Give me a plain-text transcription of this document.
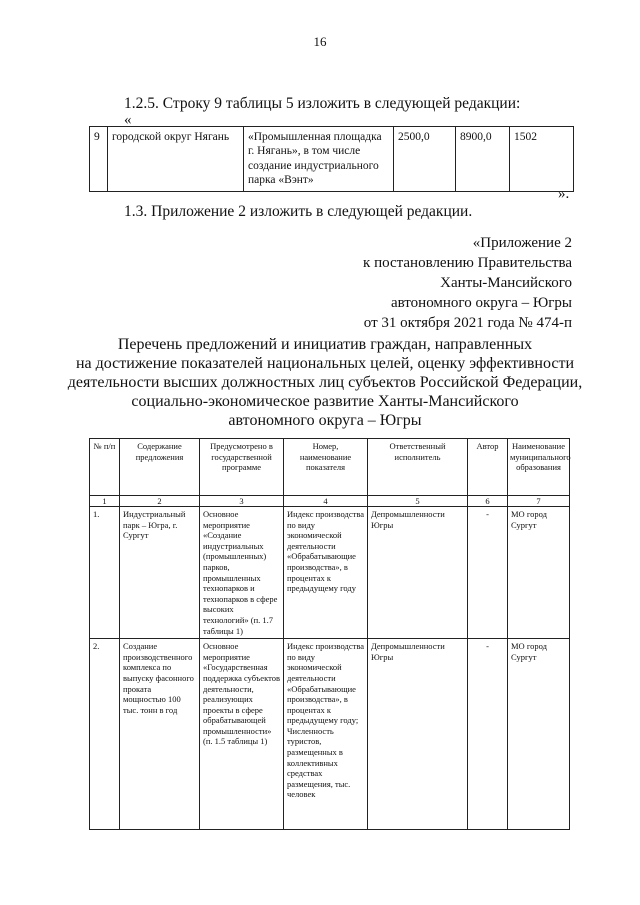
16
1.2.5. Строку 9 таблицы 5 изложить в следующей редакции:
«
9	городской округ Нягань	«Промышленная площадка г. Нягань», в том числе создание индустриального парка «Вэнт»	2500,0	8900,0	1502
».
1.3. Приложение 2 изложить в следующей редакции.
«Приложение 2
к постановлению Правительства
Ханты-Мансийского
автономного округа – Югры
от 31 октября 2021 года № 474-п
Перечень предложений и инициатив граждан, направленных
на достижение показателей национальных целей, оценку эффективности
деятельности высших должностных лиц субъектов Российской Федерации,
социально-экономическое развитие Ханты-Мансийского
автономного округа – Югры
№ п/п	Содержание предложения	Предусмотрено в государственной программе	Номер, наименование показателя	Ответственный исполнитель	Автор	Наименование муниципального образования
1	2	3	4	5	6	7
1.	Индустриальный парк – Югра, г. Сургут	Основное мероприятие «Создание индустриальных (промышленных) парков, промышленных технопарков и технопарков в сфере высоких технологий» (п. 1.7 таблицы 1)	Индекс производства по виду экономической деятельности «Обрабатывающие производства», в процентах к предыдущему году	Депромышленности Югры	-	МО город Сургут
2.	Создание производственного комплекса по выпуску фасонного проката мощностью 100 тыс. тонн в год	Основное мероприятие «Государственная поддержка субъектов деятельности, реализующих проекты в сфере обрабатывающей промышленности» (п. 1.5 таблицы 1)	Индекс производства по виду экономической деятельности «Обрабатывающие производства», в процентах к предыдущему году; Численность туристов, размещенных в коллективных средствах размещения, тыс. человек	Депромышленности Югры	-	МО город Сургут
